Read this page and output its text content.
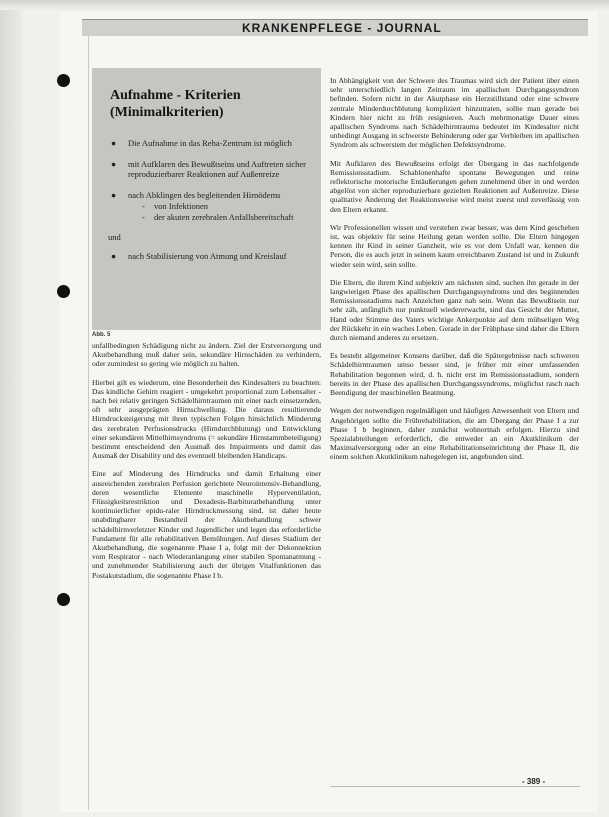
KRANKENPFLEGE - JOURNAL
Aufnahme - Kriterien
(Minimalkriterien)
● Die Aufnahme in das Reha-Zentrum ist möglich
● mit Aufklaren des Bewußtseins und Auftreten sicher reproduzierbarer Reaktionen auf Außenreize
● nach Abklingen des begleitenden Hirnödems
- von Infektionen
- der akuten zerebralen Anfallsbereitschaft
und
● nach Stabilisierung von Atmung und Kreislauf
Abb. 5

unfallbedingten Schädigung nicht zu ändern. Ziel der Erstversorgung und Akutbehandlung muß daher sein, sekundäre Hirnschäden zu verhindern, oder zumindest so gering wie möglich zu halten.

Hierbei gilt es wiederum, eine Besonderheit des Kindesalters zu beachten: Das kindliche Gehirn reagiert - umgekehrt proportional zum Lebensalter - nach bei relativ geringen Schädelhirntraumen mit einer nach einsetzenden, oft sehr ausgeprägten Hirnschwellung. Die daraus resultierende Hirndrucksteigerung mit ihren typischen Folgen hinsichtlich Minderung des zerebralen Perfusionsdrucks (Hirndurchblutung) und Entwicklung einer sekundären Mittelhirnsyndroms (= sekundäre Hirnstammbeteiligung) bestimmt entscheidend den Ausmaß des Impairments und damit das Ausmaß der Disability und des eventuell bleibenden Handicaps.

Eine auf Minderung des Hirndrucks und damit Erhaltung einer ausreichenden zerebralen Perfusion gerichtete Neurointensiv-Behandlung, deren wesentliche Elemente maschinelle Hyperventilation, Flüssigkeitsrestriktion und Dexadesis-Barbituratbehandlung unter kontinuierlicher epidu-raler Hirndruckmessung sind, ist daher heute unabdingbarer Bestandteil der Akutbehandlung schwer schädelhirnverletzter Kinder und Jugendlicher und legen das erforderliche Fundament für alle rehabilitativen Bemühungen. Auf dieses Stadium der Akutbehandlung, die sogenannte Phase I a, folgt mit der Dekonnektion vom Respirator - nach Wiederanlangung einer stabilen Spontanatmung - und zunehmender Stabilisierung auch der übrigen Vitalfunktionen das Postakutstadium, die sogenannte Phase I b.

In Abhängigkeit von der Schwere des Traumas wird sich der Patient über einen sehr unterschiedlich langen Zeitraum im apallischen Durchgangssyndrom befinden. Sofern nicht in der Akutphase ein Herzstillstand oder eine schwere zentrale Minderdurchblutung kompliziert hinzutraten, sollte man gerade bei Kindern hier nicht zu früh resignieren. Auch mehrmonatige Dauer eines apallischen Syndroms nach Schädelhirntrauma bedeutet im Kindesalter nicht unbedingt Ausgang in schwerste Behinderung oder gar Verbleiben im apallischen Syndrom als schwerstem der möglichen Defektsyndrome.

Mit Aufklaren des Bewußtseins erfolgt der Übergang in das nachfolgende Remissionsstadium. Schablonenhafte spontane Bewegungen und reine reflektorische motorische Entäußerungen gehen zunehmend über in und werden abgelöst von sicher reproduzierbare gezielten Reaktionen auf Außenreize. Diese qualitative Änderung der Reaktionsweise wird meist zuerst und zuverlässig von den Eltern erkannt.

Wir Professionellen wissen und verstehen zwar besser, was dem Kind geschehen ist, was objektiv für seine Heilung getan werden sollte. Die Eltern hingegen kennen ihr Kind in seiner Ganzheit, wie es vor dem Unfall war, kennen die Person, die es auch jetzt in seinem kaum erreichbaren Zustand ist und in Zukunft wieder sein wird, sein sollte.

Die Eltern, die ihrem Kind subjektiv am nächsten sind, suchen ihn gerade in der langwierigen Phase des apallischen Durchgangssyndroms und des beginnenden Remissionsstadiums nach Anzeichen ganz nah sein. Wenn das Bewußtsein nur sehr zäh, anfänglich nur punktuell wiedererwacht, sind das Gesicht der Mutter, Hand oder Stimme des Vaters wichtige Ankerpunkte auf dem mühseligen Weg der Rückkehr in ein waches Leben. Gerade in der Frühphase sind daher die Eltern durch niemand anderes zu ersetzen.

Es besteht allgemeiner Konsens darüber, daß die Spätergebnisse nach schweren Schädelhirntraumen umso besser sind, je früher mit einer umfassenden Rehabilitation begonnen wird, d. h. nicht erst im Remissionsstadium, sondern bereits in der Phase des apallischen Durchgangssyndroms, möglichst rasch nach Beendigung der maschinellen Beatmung.

Wegen der notwendigen regelmäßigen und häufigen Anwesenheit von Eltern und Angehörigen sollte die Frührehabilitation, die am Übergang der Phase I a zur Phase I b beginnen, daher zunächst wohnortnah erfolgen. Hierzu sind Spezialabteilungen erforderlich, die entweder an ein Akutklinikum der Maximalversorgung oder an eine Rehabilitationseinrichtung der Phase II, die einem solchen Akutklinikum nahegelegen ist, angebunden sind.

- 389 -
